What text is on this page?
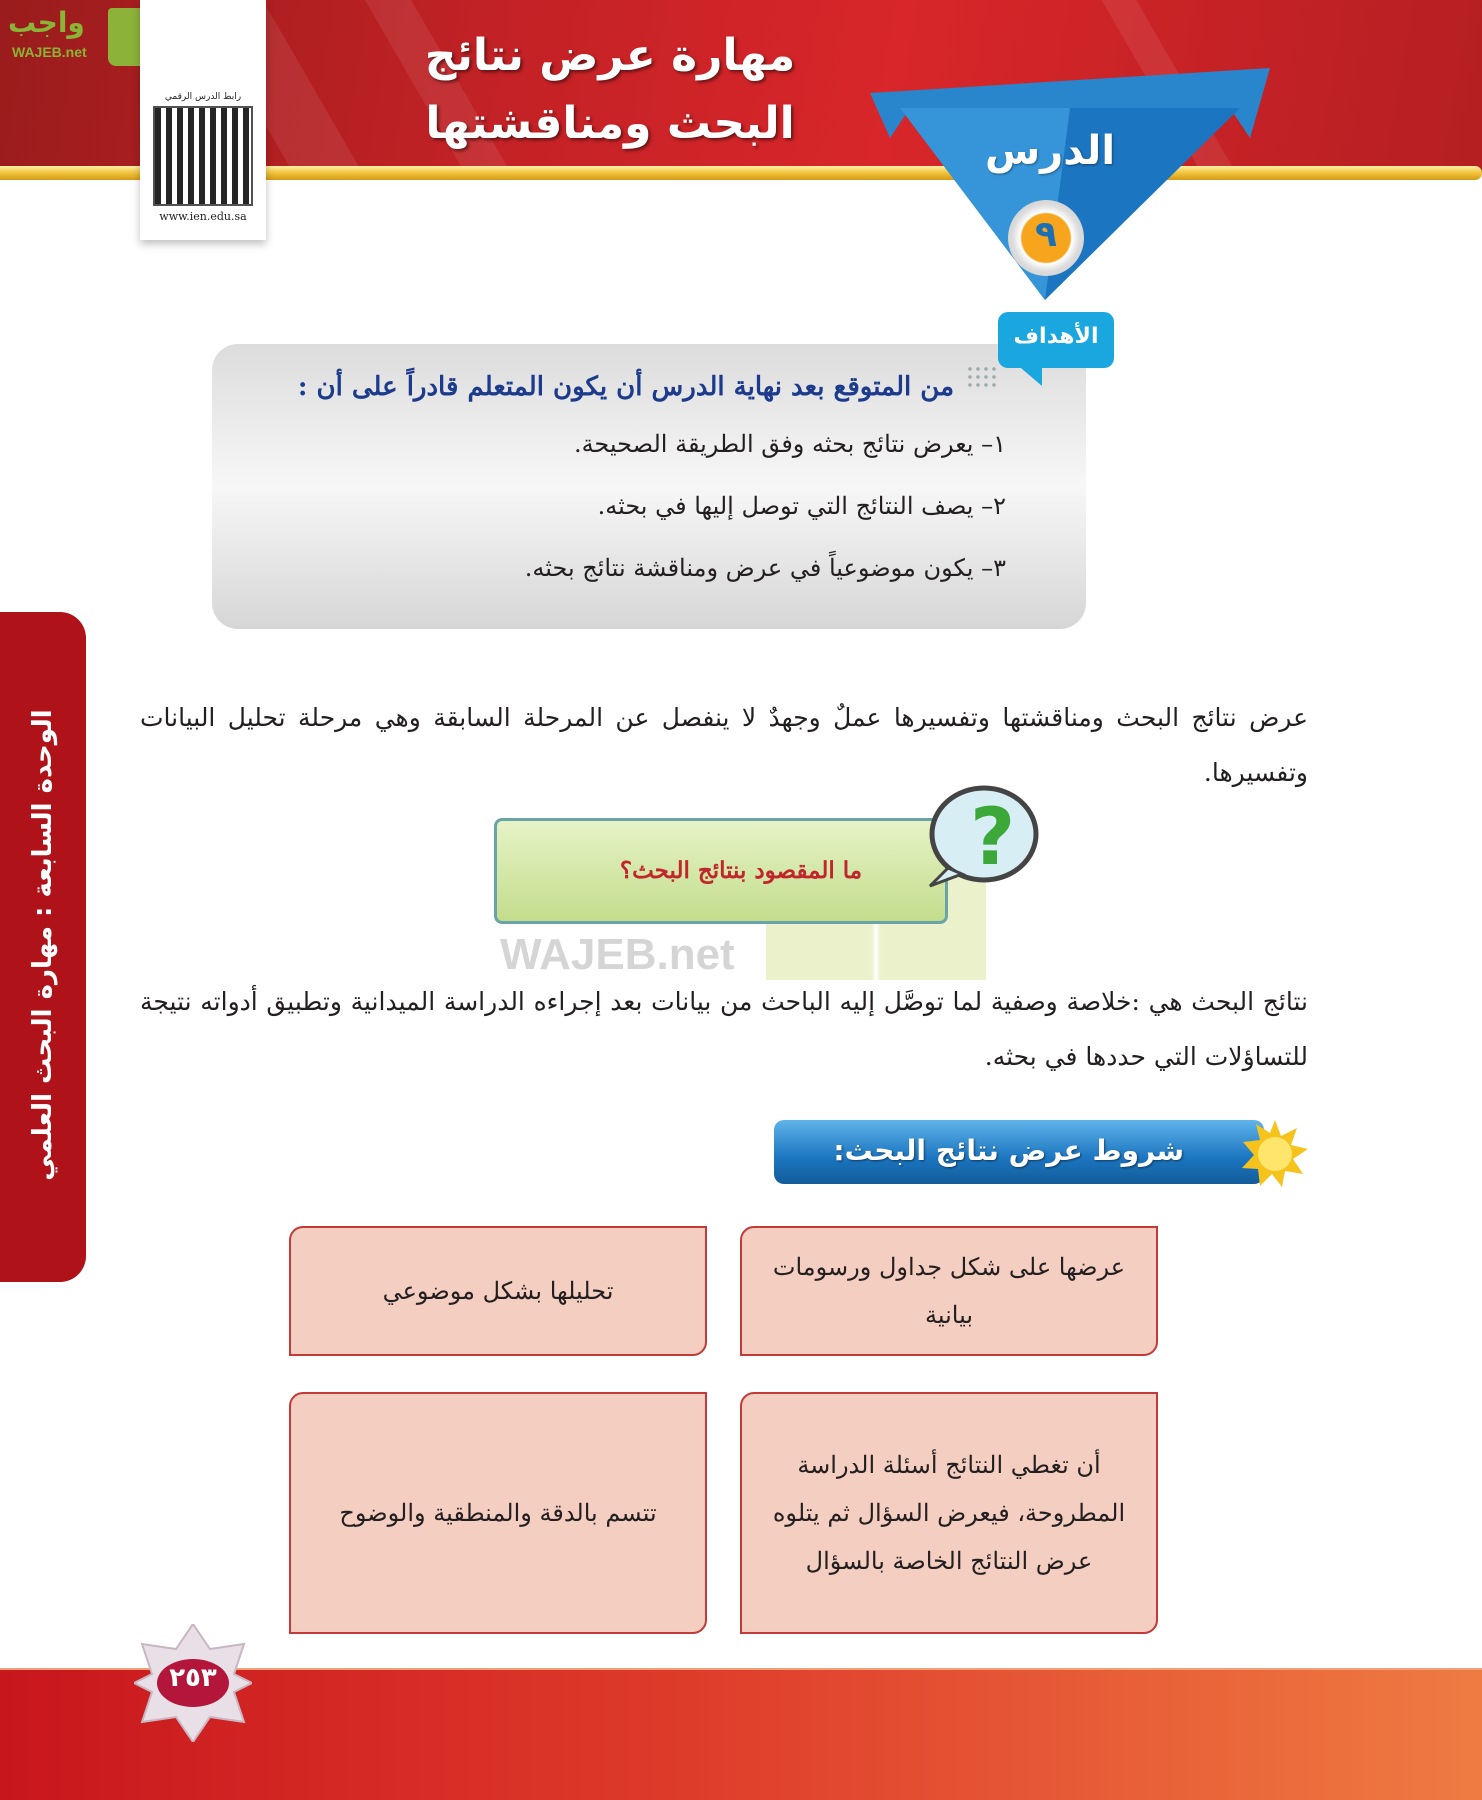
واجب
WAJEB.net
رابط الدرس الرقمي
www.ien.edu.sa
مهارة عرض نتائج
البحث ومناقشتها
الدرس
٩
من المتوقع بعد نهاية الدرس أن يكون المتعلم قادراً على أن :
١– يعرض نتائج بحثه وفق الطريقة الصحيحة.
٢– يصف النتائج التي توصل إليها في بحثه.
٣– يكون موضوعياً في عرض ومناقشة نتائج بحثه.
الأهداف
الوحدة السابعة : مهارة البحث العلمي	عرض نتائج البحث ومناقشتها وتفسيرها عملٌ وجهدٌ لا ينفصل عن المرحلة السابقة وهي مرحلة تحليل البيانات وتفسيرها.

WAJEB.net
ما المقصود بنتائج البحث؟	?

نتائج البحث هي :خلاصة وصفية لما توصَّل إليه الباحث من بيانات بعد إجراءه الدراسة الميدانية وتطبيق أدواته نتيجة للتساؤلات التي حددها في بحثه.

شروط عرض نتائج البحث:
عرضها على شكل جداول ورسومات بيانية
تحليلها بشكل موضوعي
أن تغطي النتائج أسئلة الدراسة المطروحة، فيعرض السؤال ثم يتلوه عرض النتائج الخاصة بالسؤال
تتسم بالدقة والمنطقية والوضوح
٢٥٣
